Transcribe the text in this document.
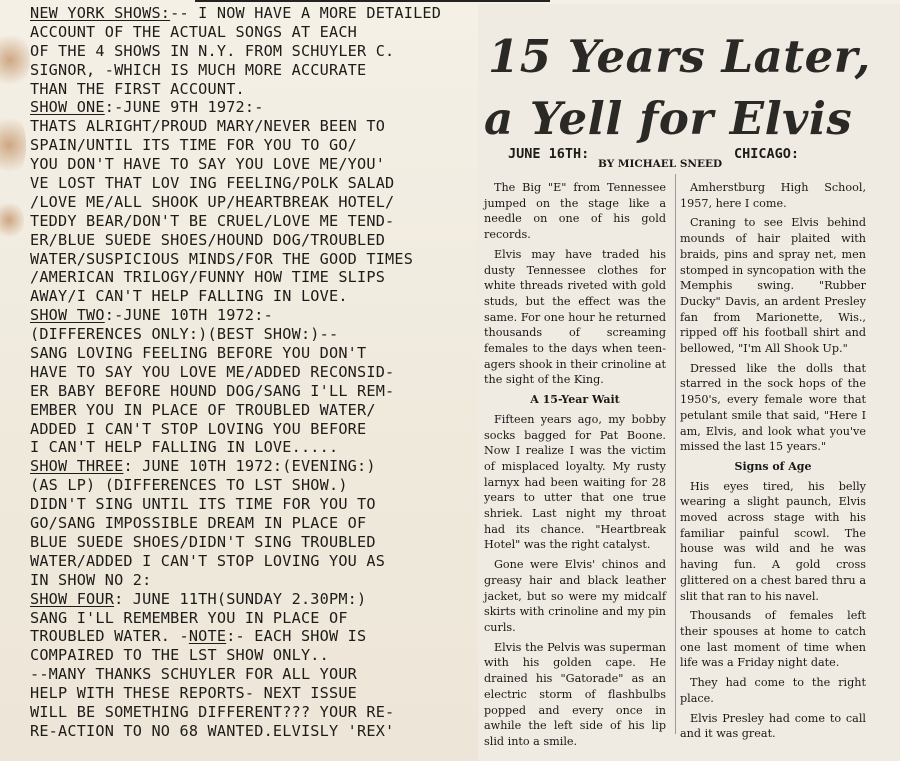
NEW YORK SHOWS:-- I NOW HAVE A MORE DETAILED
ACCOUNT OF THE ACTUAL SONGS AT EACH
OF THE 4 SHOWS IN N.Y. FROM SCHUYLER C.
SIGNOR, -WHICH IS MUCH MORE ACCURATE
THAN THE FIRST ACCOUNT.
SHOW ONE:-JUNE 9TH 1972:-
THATS ALRIGHT/PROUD MARY/NEVER BEEN TO
SPAIN/UNTIL ITS TIME FOR YOU TO GO/
YOU DON'T HAVE TO SAY YOU LOVE ME/YOU'
VE LOST THAT LOV ING FEELING/POLK SALAD
/LOVE ME/ALL SHOOK UP/HEARTBREAK HOTEL/
TEDDY BEAR/DON'T BE CRUEL/LOVE ME TEND-
ER/BLUE SUEDE SHOES/HOUND DOG/TROUBLED
WATER/SUSPICIOUS MINDS/FOR THE GOOD TIMES
/AMERICAN TRILOGY/FUNNY HOW TIME SLIPS
AWAY/I CAN'T HELP FALLING IN LOVE.
SHOW TWO:-JUNE 10TH 1972:-
(DIFFERENCES ONLY:)(BEST SHOW:)--
SANG LOVING FEELING BEFORE YOU DON'T
HAVE TO SAY YOU LOVE ME/ADDED RECONSID-
ER BABY BEFORE HOUND DOG/SANG I'LL REM-
EMBER YOU IN PLACE OF TROUBLED WATER/
ADDED I CAN'T STOP LOVING YOU BEFORE
I CAN'T HELP FALLING IN LOVE.....
SHOW THREE: JUNE 10TH 1972:(EVENING:)
(AS LP) (DIFFERENCES TO LST SHOW.)
DIDN'T SING UNTIL ITS TIME FOR YOU TO
GO/SANG IMPOSSIBLE DREAM IN PLACE OF
BLUE SUEDE SHOES/DIDN'T SING TROUBLED
WATER/ADDED I CAN'T STOP LOVING YOU AS
IN SHOW NO 2:
SHOW FOUR: JUNE 11TH(SUNDAY 2.30PM:)
SANG I'LL REMEMBER YOU IN PLACE OF
TROUBLED WATER. -NOTE:- EACH SHOW IS
COMPAIRED TO THE LST SHOW ONLY..
--MANY THANKS SCHUYLER FOR ALL YOUR
HELP WITH THESE REPORTS- NEXT ISSUE
WILL BE SOMETHING DIFFERENT??? YOUR RE-
RE-ACTION TO NO 68 WANTED.ELVISLY 'REX'
15 Years Later,
a Yell for Elvis
JUNE 16TH:	CHICAGO:
BY MICHAEL SNEED

The Big "E" from Tennessee jumped on the stage like a needle on one of his gold records.

Elvis may have traded his dusty Tennessee clothes for white threads riveted with gold studs, but the effect was the same. For one hour he returned thousands of screaming females to the days when teen-agers shook in their crinoline at the sight of the King.

A 15-Year Wait

Fifteen years ago, my bobby socks bagged for Pat Boone. Now I realize I was the victim of misplaced loyalty. My rusty larnyx had been waiting for 28 years to utter that one true shriek. Last night my throat had its chance. "Heartbreak Hotel" was the right catalyst.

Gone were Elvis' chinos and greasy hair and black leather jacket, but so were my midcalf skirts with crinoline and my pin curls.

Elvis the Pelvis was superman with his golden cape. He drained his "Gatorade" as an electric storm of flashbulbs popped and every once in awhile the left side of his lip slid into a smile.

Amherstburg High School, 1957, here I come.

Craning to see Elvis behind mounds of hair plaited with braids, pins and spray net, men stomped in syncopation with the Memphis swing. "Rubber Ducky" Davis, an ardent Presley fan from Marionette, Wis., ripped off his football shirt and bellowed, "I'm All Shook Up."

Dressed like the dolls that starred in the sock hops of the 1950's, every female wore that petulant smile that said, "Here I am, Elvis, and look what you've missed the last 15 years."

Signs of Age

His eyes tired, his belly wearing a slight paunch, Elvis moved across stage with his familiar painful scowl. The house was wild and he was having fun. A gold cross glittered on a chest bared thru a slit that ran to his navel.

Thousands of females left their spouses at home to catch one last moment of time when life was a Friday night date.

They had come to the right place.

Elvis Presley had come to call and it was great.
